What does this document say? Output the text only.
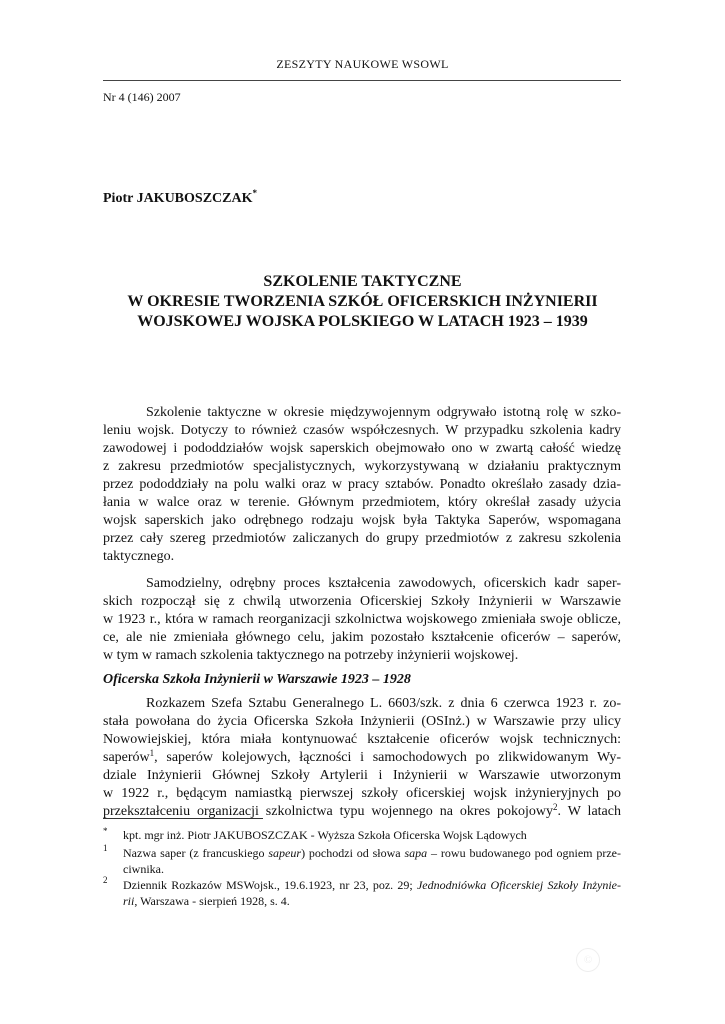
ZESZYTY NAUKOWE WSOWL
Nr 4 (146) 2007
Piotr JAKUBOSZCZAK*
SZKOLENIE TAKTYCZNE
W OKRESIE TWORZENIA SZKÓŁ OFICERSKICH INŻYNIERII
WOJSKOWEJ WOJSKA POLSKIEGO W LATACH 1923 – 1939
Szkolenie taktyczne w okresie międzywojennym odgrywało istotną rolę w szko-
leniu wojsk. Dotyczy to również czasów współczesnych. W przypadku szkolenia kadry
zawodowej i pododdziałów wojsk saperskich obejmowało ono w zwartą całość wiedzę
z zakresu przedmiotów specjalistycznych, wykorzystywaną w działaniu praktycznym
przez pododdziały na polu walki oraz w pracy sztabów. Ponadto określało zasady dzia-
łania w walce oraz w terenie. Głównym przedmiotem, który określał zasady użycia
wojsk saperskich jako odrębnego rodzaju wojsk była Taktyka Saperów, wspomagana
przez cały szereg przedmiotów zaliczanych do grupy przedmiotów z zakresu szkolenia
taktycznego.
Samodzielny, odrębny proces kształcenia zawodowych, oficerskich kadr saper-
skich rozpoczął się z chwilą utworzenia Oficerskiej Szkoły Inżynierii w Warszawie
w 1923 r., która w ramach reorganizacji szkolnictwa wojskowego zmieniała swoje oblicze,
ce, ale nie zmieniała głównego celu, jakim pozostało kształcenie oficerów – saperów,
w tym w ramach szkolenia taktycznego na potrzeby inżynierii wojskowej.
Oficerska Szkoła Inżynierii w Warszawie 1923 – 1928
Rozkazem Szefa Sztabu Generalnego L. 6603/szk. z dnia 6 czerwca 1923 r. zo-
stała powołana do życia Oficerska Szkoła Inżynierii (OSInż.) w Warszawie przy ulicy
Nowowiejskiej, która miała kontynuować kształcenie oficerów wojsk technicznych:
saperów$^1$, saperów kolejowych, łączności i samochodowych po zlikwidowanym Wy-
dziale Inżynierii Głównej Szkoły Artylerii i Inżynierii w Warszawie utworzonym
w 1922 r., będącym namiastką pierwszej szkoły oficerskiej wojsk inżynieryjnych po
przekształceniu organizacji szkolnictwa typu wojennego na okres pokojowy$^2$. W latach
* kpt. mgr inż. Piotr JAKUBOSZCZAK - Wyższa Szkoła Oficerska Wojsk Lądowych
1 Nazwa saper (z francuskiego sapeur) pochodzi od słowa sapa – rowu budowanego pod ogniem prze-
ciwnika.
2 Dziennik Rozkazów MSWojsk., 19.6.1923, nr 23, poz. 29; Jednodniówka Oficerskiej Szkoły Inżynie-
rii, Warszawa - sierpień 1928, s. 4.
©
